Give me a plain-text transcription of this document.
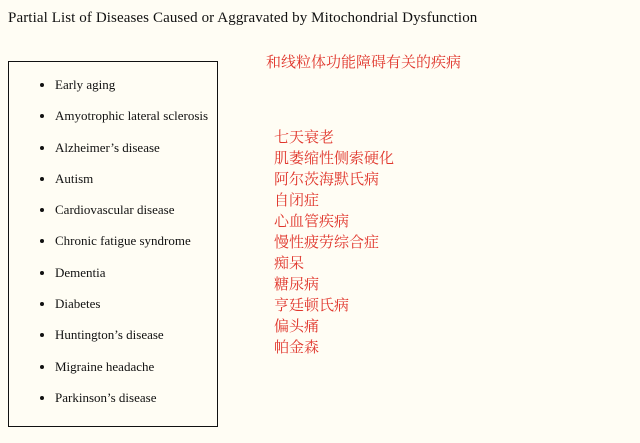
Partial List of Diseases Caused or Aggravated by Mitochondrial Dysfunction
• Early aging
• Amyotrophic lateral sclerosis
• Alzheimer’s disease
• Autism
• Cardiovascular disease
• Chronic fatigue syndrome
• Dementia
• Diabetes
• Huntington’s disease
• Migraine headache
• Parkinson’s disease
和线粒体功能障碍有关的疾病
七天衰老
肌萎缩性侧索硬化
阿尔茨海默氏病
自闭症
心血管疾病
慢性疲劳综合症
痴呆
糖尿病
亨廷顿氏病
偏头痛
帕金森
